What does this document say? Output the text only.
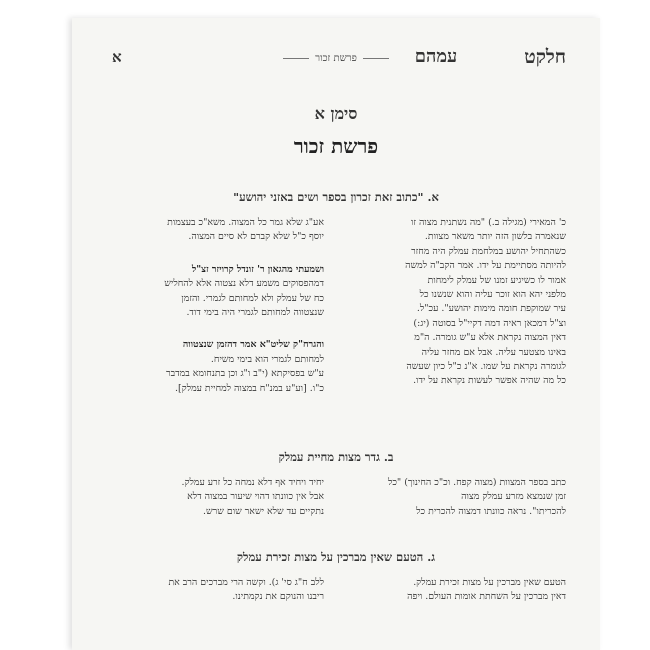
חלקט
עמהם
פרשת זכור
א
סימן א
פרשת זכור
א. "כתוב זאת זכרון בספר ושים באזני יהושע"

כ' המאירי (מגילה ב.) "מה נשתנית מצוה זו

שנאמרה בלשון הזה יותר משאר מצוות.

כשהתחיל יהושע במלחמת עמלק היה מחזר

להיותה מסתיימת על ידו. אמר הקב"ה למשה

אמור לו כשיגיע זמנו של עמלק לימחות

מלפני יהא הוא זוכר עליה והוא שנשנו כל

עיר שמוקפת חומה מימות יהושע". עכ"ל.

וצ"ל דמכאן ראיה דמה דקיי"ל בסוטה (יג:)

דאין המצוה נקראת אלא ע"ש גומרה. ה"מ

באינו מצטער עליה. אבל אם מחזר עליה

לגומרה נקראת על שמו. א"נ כ"ל כיון שעשה

כל מה שהיה אפשר לעשות נקראת על ידו.

אע"ג שלא גמר כל המצוה. משא"כ בעצמות

יוסף כ"ל שלא קברם לא סיים המצוה.

ושמעתי מהגאון ר' זונדל קרויזר זצ"ל

דמהפסוקים משמע דלא נצטוה אלא להחליש

כח של עמלק ולא למחותם לגמרי. והזמן

שנצטווה למחותם לגמרי היה בימי דוד.

והגרח"ק שליט"א אמר דהזמן שנצטווה

למחותם לגמרי הוא בימי משיח.

ע"ש בפסיקתא (י"ב ו"ג וכן בתנחומא במדבר

כ"ו. [וע"ע במנ"ח במצוה למחיית עמלק].

ב. גדר מצות מחיית עמלק

כתב בספר המצוות (מצוה קפח. וכ"כ החינוך) "כל

זמן שנמצא מזרע עמלק מצוה

להכריתו". נראה כוונתו דמצוה להכרית כל

יחיד ויחיד אף דלא נמחה כל זרע עמלק.

אבל אין כוונתו דהוי שיעור במצוה דלא

נתקיים עד שלא ישאר שום שרש.

ג. הטעם שאין מברכין על מצות זכירת עמלק

הטעם שאין מברכין על מצות זכירת עמלק.

דאין מברכין על השחתת אומות העולם. ויפה

ללב ח"ג סי' ג). וקשה הרי מברכים הרב את

ריבנו והנוקם את נקמתינו.
